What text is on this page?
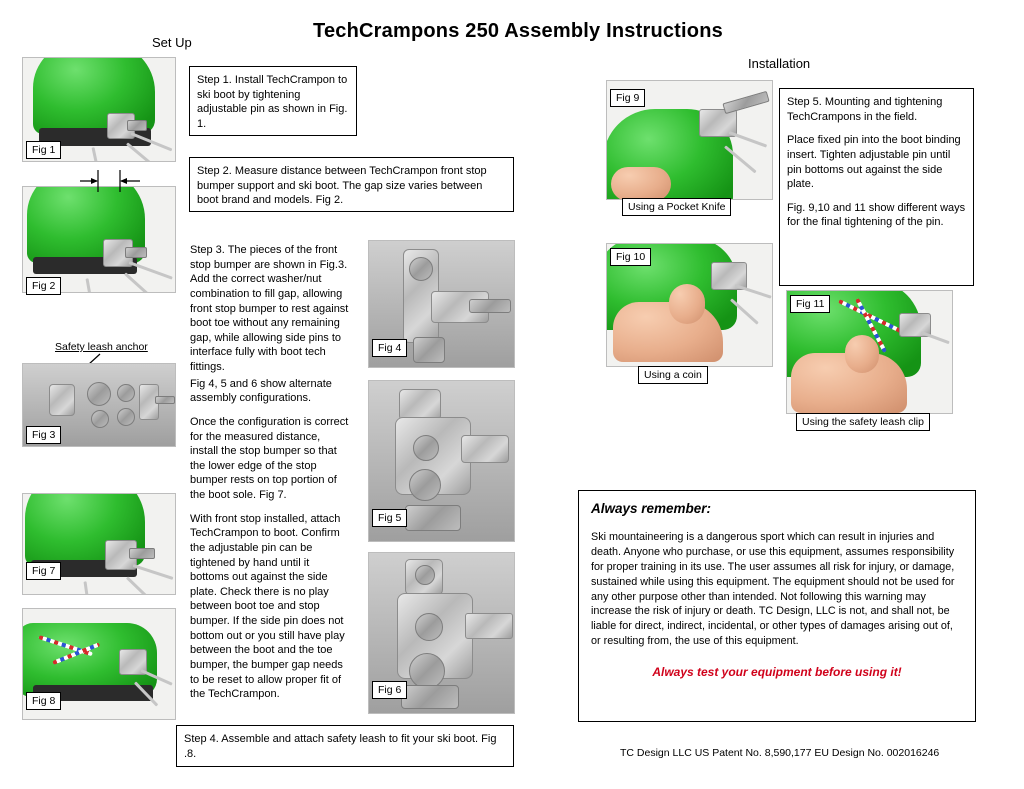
TechCrampons 250 Assembly Instructions
Set Up
Installation
Fig 1
Fig 2
Safety leash anchor
Fig 3
Fig 7
Fig 8

Step 1. Install TechCrampon to ski boot by tightening adjustable pin as shown in Fig. 1.

Step 2. Measure distance between TechCrampon front stop bumper support and ski boot. The gap size varies between boot brand and models. Fig 2.

Step 3. The pieces of the front stop bumper are shown in Fig.3. Add the correct washer/nut combination to fill gap, allowing front stop bumper to rest against boot toe without any remaining gap, while allowing side pins to interface fully with boot tech fittings.

Fig 4, 5 and 6 show alternate assembly configurations.

Once the configuration is correct for the measured distance, install the stop bumper so that the lower edge of the stop bumper rests on top portion of the boot sole. Fig 7.

With front stop installed, attach TechCrampon to boot. Confirm the adjustable pin can be tightened by hand until it bottoms out against the side plate. Check there is no play between boot toe and stop bumper. If the side pin does not bottom out or you still have play between the boot and the toe bumper, the bumper gap needs to be reset to allow proper fit of the TechCrampon.

Step 4. Assemble and attach safety leash to fit your ski boot. Fig .8.

Fig 4
Fig 5
Fig 6
Fig 9
Using a Pocket Knife
Fig 10
Using a coin
Fig 11
Using the safety leash clip

Step 5. Mounting and tightening TechCrampons in the field.

Place fixed pin into the boot binding insert. Tighten adjustable pin until pin bottoms out against the side plate.

Fig. 9,10 and 11 show different ways for the final tightening of the pin.

Always remember:
Ski mountaineering is a dangerous sport which can result in injuries and death. Anyone who purchase, or use this equipment, assumes responsibility for proper training in its use. The user assumes all risk for injury, or damage, sustained while using this equipment. The equipment should not be used for any other purpose other than intended. Not following this warning may increase the risk of injury or death. TC Design, LLC is not, and shall not, be liable for direct, indirect, incidental, or other types of damages arising out of, or resulting from, the use of this equipment.
Always test your equipment before using it!
TC Design LLC US Patent No. 8,590,177 EU Design No. 002016246
